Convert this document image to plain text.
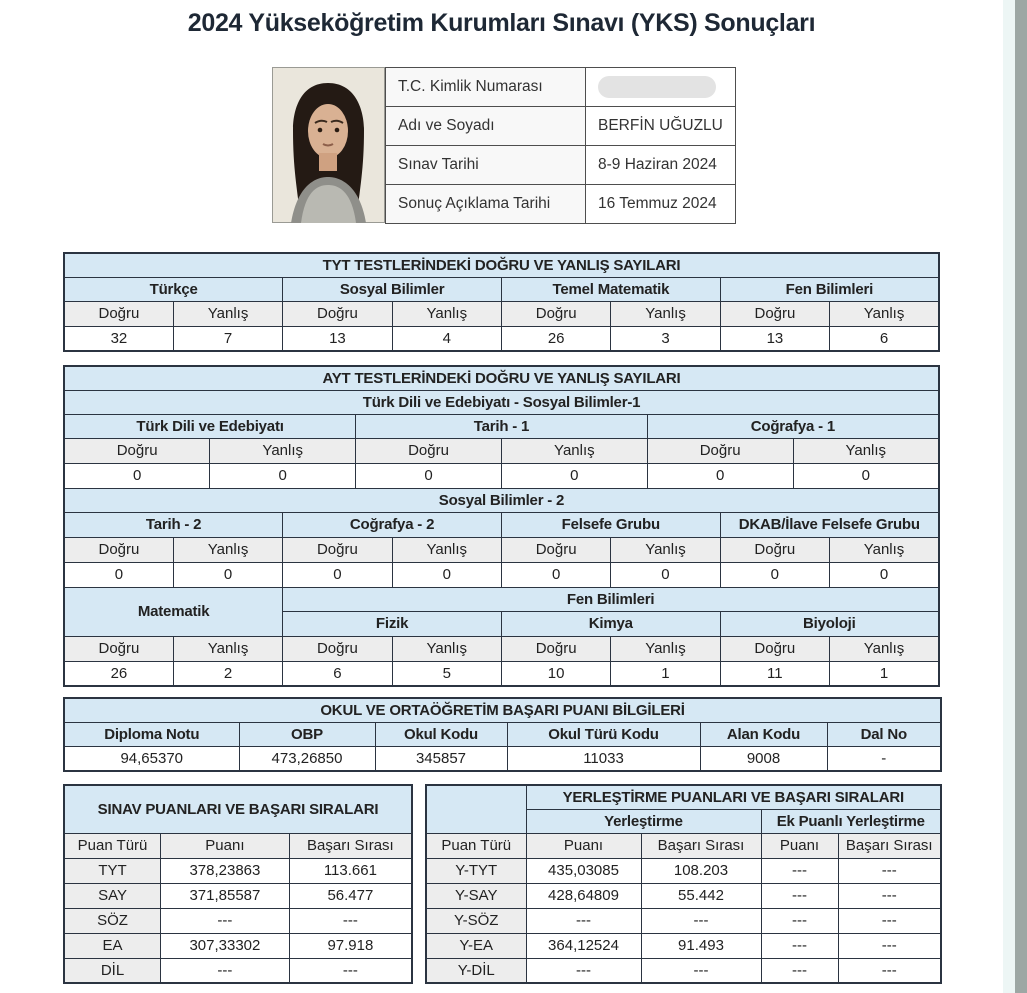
2024 Yükseköğretim Kurumları Sınavı (YKS) Sonuçları
T.C. Kimlik Numarası	

Adı ve Soyadı	BERFİN UĞUZLU
Sınav Tarihi	8-9 Haziran 2024
Sonuç Açıklama Tarihi	16 Temmuz 2024
TYT TESTLERİNDEKİ DOĞRU VE YANLIŞ SAYILARI							
Türkçe		Sosyal Bilimler		Temel Matematik		Fen Bilimleri	
Doğru	Yanlış	Doğru	Yanlış	Doğru	Yanlış	Doğru	Yanlış
32	7	13	4	26	3	13	6
AYT TESTLERİNDEKİ DOĞRU VE YANLIŞ SAYILARI											
Türk Dili ve Edebiyatı - Sosyal Bilimler-1											
Türk Dili ve Edebiyatı				Tarih - 1				Coğrafya - 1			
Doğru		Yanlış		Doğru		Yanlış		Doğru		Yanlış	
0		0		0		0		0		0	
Sosyal Bilimler - 2											
Tarih - 2			Coğrafya - 2			Felsefe Grubu			DKAB/İlave Felsefe Grubu		
Doğru	Yanlış		Doğru		Yanlış	Doğru	Yanlış		Doğru		Yanlış
0	0		0		0	0	0		0		0
Matematik			Fen Bilimleri								
			Fizik			Kimya			Biyoloji		
Doğru	Yanlış		Doğru		Yanlış	Doğru	Yanlış		Doğru		Yanlış
26	2		6		5	10	1		11		1
OKUL VE ORTAÖĞRETİM BAŞARI PUANI BİLGİLERİ					
Diploma Notu	OBP	Okul Kodu	Okul Türü Kodu	Alan Kodu	Dal No
94,65370	473,26850	345857	11033	9008	-
SINAV PUANLARI VE BAŞARI SIRALARI		
Puan Türü	Puanı	Başarı Sırası
TYT	378,23863	113.661
SAY	371,85587	56.477
SÖZ	---	---
EA	307,33302	97.918
DİL	---	---
	YERLEŞTİRME PUANLARI VE BAŞARI SIRALARI			
	Yerleştirme		Ek Puanlı Yerleştirme	
Puan Türü	Puanı	Başarı Sırası	Puanı	Başarı Sırası
Y-TYT	435,03085	108.203	---	---
Y-SAY	428,64809	55.442	---	---
Y-SÖZ	---	---	---	---
Y-EA	364,12524	91.493	---	---
Y-DİL	---	---	---	---
